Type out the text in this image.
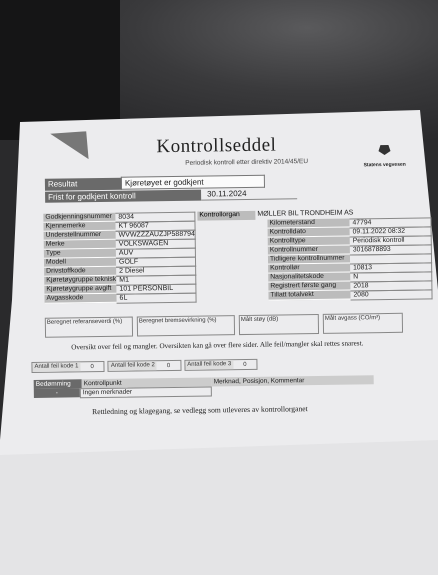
Kontrollseddel
Periodisk kontroll etter direktiv 2014/45/EU	Statens vegvesen
Resultat	Kjøretøyet er godkjent
Frist for godkjent kontroll	30.11.2024
Godkjenningsnummer 8034
Kjennemerke	KT 96087
Understellnummer	WVWZZZAUZJP588794
Merke	VOLKSWAGEN
Type	AUV
Modell	GOLF
Drivstoffkode	2 Diesel
Kjøretøygruppe teknisk M1
Kjøretøygruppe avgift	101 PERSONBIL
Avgasskode	6L
Kilometerstand	47794
Kontrolldato	09.11.2022 08:32
Kontrolltype	Periodisk kontroll
Kontrollnummer	3016878893
Tidligere kontrollnummer
Kontrollør	10813
Nasjonalitetskode	N
Registrert første gang	2018
Tillatt totalvekt	2080
Kontrollorgan	MØLLER BIL TRONDHEIM AS
Beregnet referanseverdi (%)	Beregnet bremsevirkning (%)	Målt støy (dB)	Målt avgass (CO/m³)
Oversikt over feil og mangler. Oversikten kan gå over flere sider. Alle feil/mangler skal rettes snarest.
Antall feil kode 1	0	Antall feil kode 2	0	Antall feil kode 3	0
Bedømming	Kontrollpunkt	Merknad, Posisjon, Kommentar
-	Ingen merknader
Rettledning og klagegang, se vedlegg som utleveres av kontrollorganet
